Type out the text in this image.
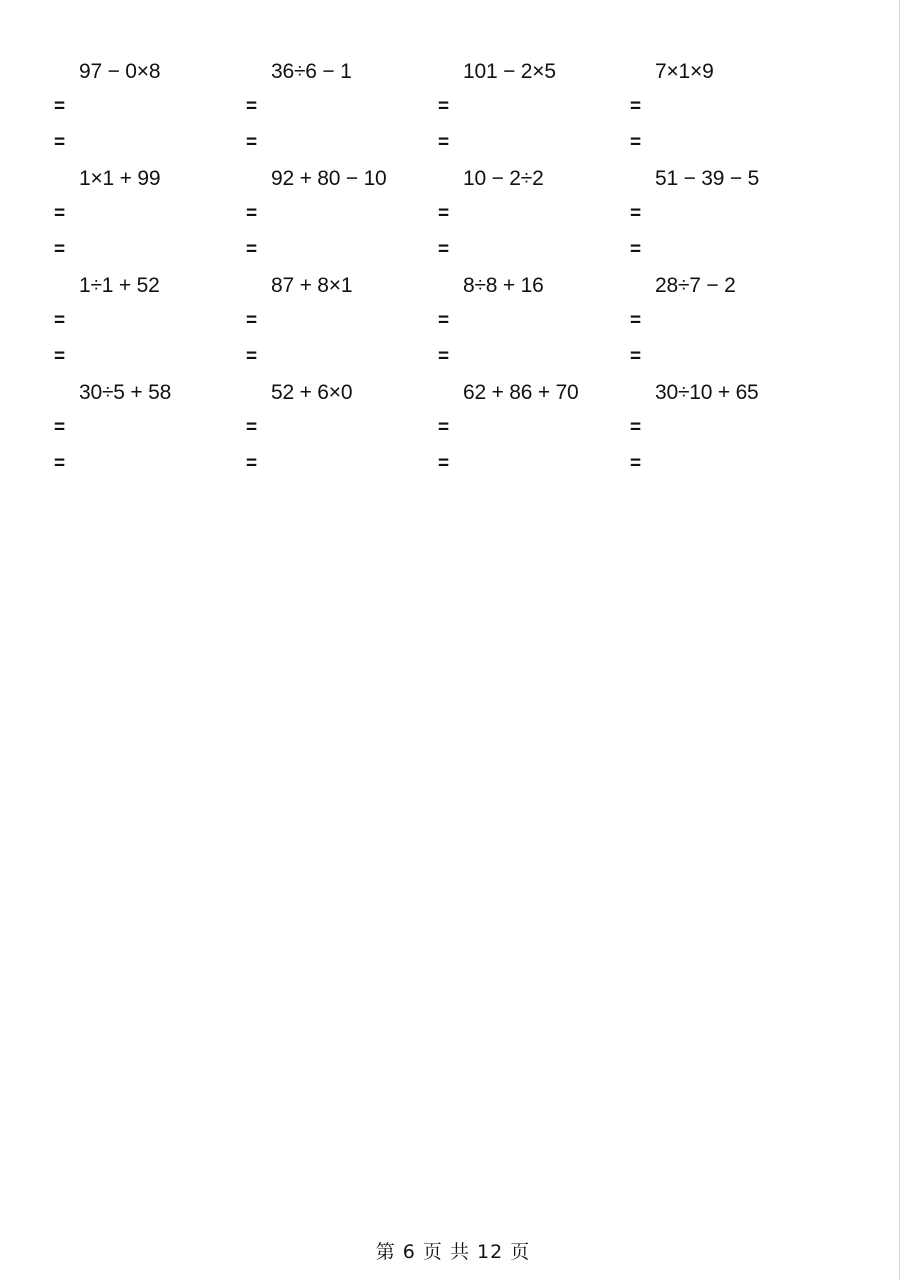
97 − 0×8
=
=
36÷6 − 1
=
=
101 − 2×5
=
=
7×1×9
=
=
1×1 + 99
=
=
92 + 80 − 10
=
=
10 − 2÷2
=
=
51 − 39 − 5
=
=
1÷1 + 52
=
=
87 + 8×1
=
=
8÷8 + 16
=
=
28÷7 − 2
=
=
30÷5 + 58
=
=
52 + 6×0
=
=
62 + 86 + 70
=
=
30÷10 + 65
=
=
第 6 页 共 12 页
